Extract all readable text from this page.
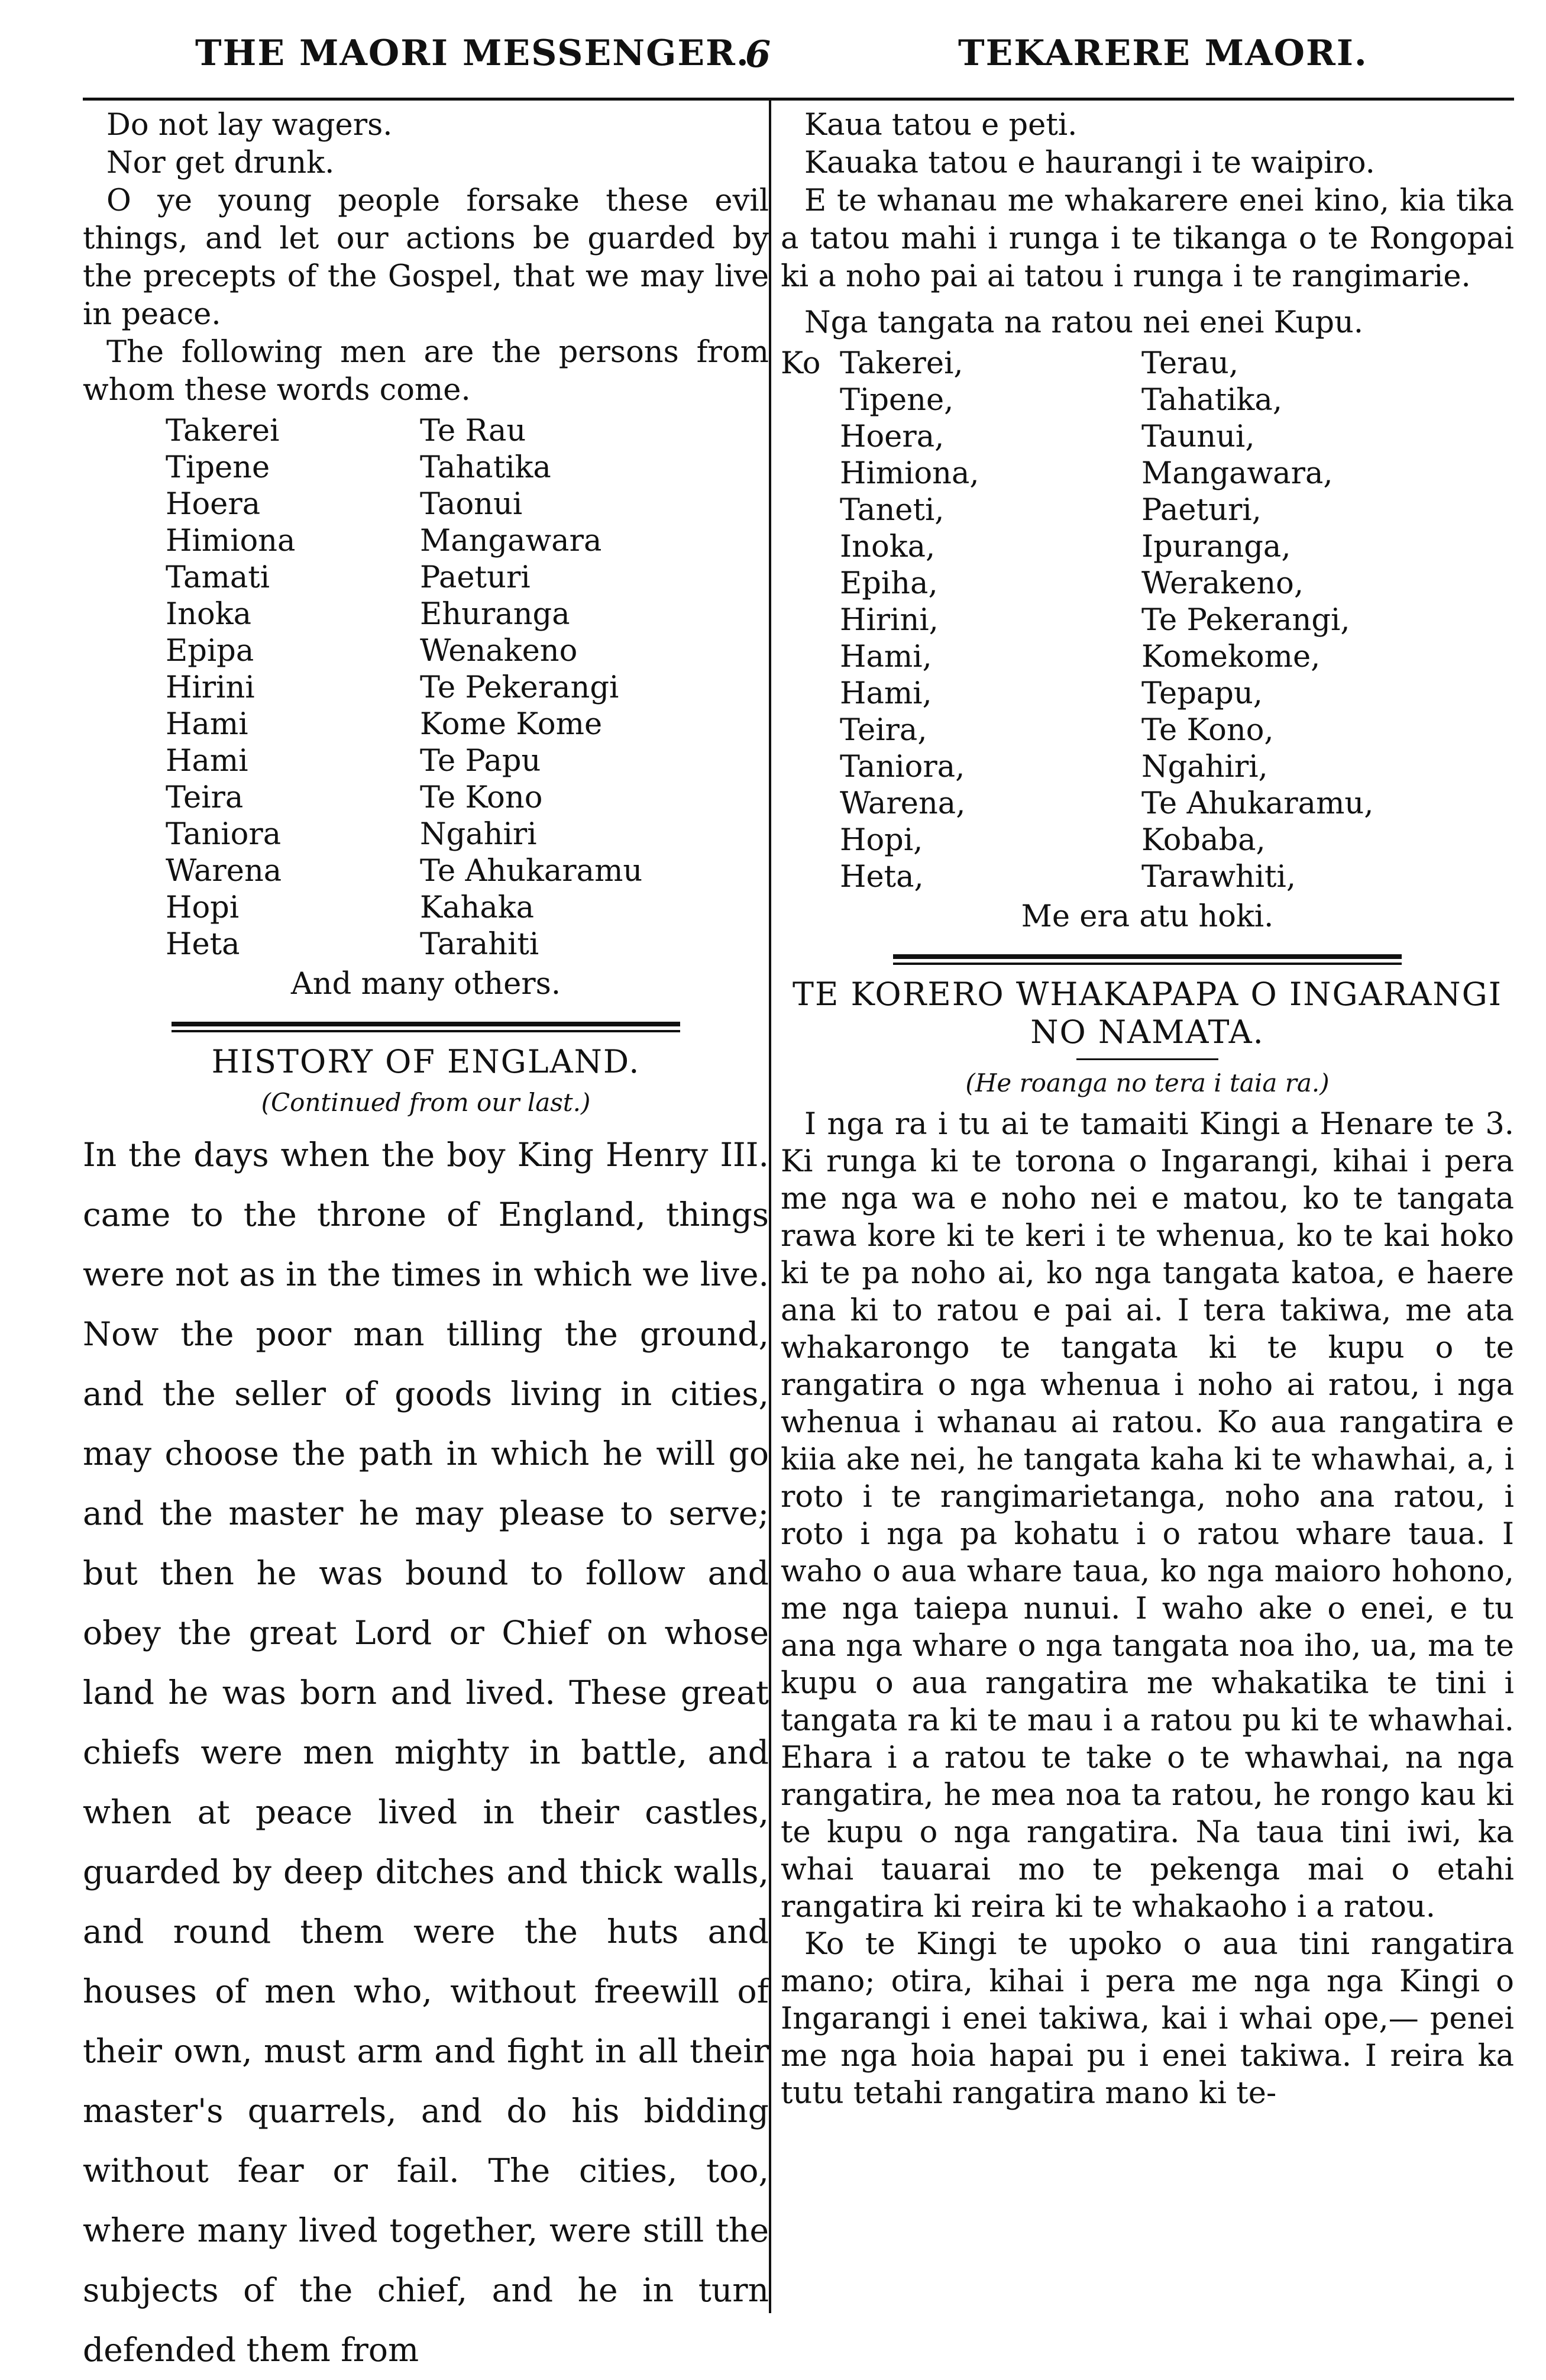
THE MAORI MESSENGER.
6	TEKARERE MAORI.

Do not lay wagers.

Nor get drunk.

O ye young people forsake these evil things, and let our actions be guarded by the precepts of the Gospel, that we may live in peace.

The following men are the persons from whom these words come.

Takerei	Te Rau
Tipene	Tahatika
Hoera	Taonui
Himiona	Mangawara
Tamati	Paeturi
Inoka	Ehuranga
Epipa	Wenakeno
Hirini	Te Pekerangi
Hami	Kome Kome
Hami	Te Papu
Teira	Te Kono
Taniora	Ngahiri
Warena	Te Ahukaramu
Hopi	Kahaka
Heta	Tarahiti
And many others.
HISTORY OF ENGLAND.
(Continued from our last.)

In the days when the boy King Henry III. came to the throne of England, things were not as in the times in which we live. Now the poor man tilling the ground, and the seller of goods living in cities, may choose the path in which he will go and the master he may please to serve; but then he was bound to follow and obey the great Lord or Chief on whose land he was born and lived. These great chiefs were men mighty in battle, and when at peace lived in their castles, guarded by deep ditches and thick walls, and round them were the huts and houses of men who, without freewill of their own, must arm and fight in all their master's quarrels, and do his bidding without fear or fail. The cities, too, where many lived together, were still the subjects of the chief, and he in turn defended them from

Kaua tatou e peti.

Kauaka tatou e haurangi i te waipiro.

E te whanau me whakarere enei kino, kia tika a tatou mahi i runga i te tikanga o te Rongopai ki a noho pai ai tatou i runga i te rangimarie.

Nga tangata na ratou nei enei Kupu.

Ko Takerei,	Terau,
Tipene,	Tahatika,
Hoera,	Taunui,
Himiona,	Mangawara,
Taneti,	Paeturi,
Inoka,	Ipuranga,
Epiha,	Werakeno,
Hirini,	Te Pekerangi,
Hami,	Komekome,
Hami,	Tepapu,
Teira,	Te Kono,
Taniora,	Ngahiri,
Warena,	Te Ahukaramu,
Hopi,	Kobaba,
Heta,	Tarawhiti,
Me era atu hoki.
TE KORERO WHAKAPAPA O INGARANGI NO NAMATA.
(He roanga no tera i taia ra.)

I nga ra i tu ai te tamaiti Kingi a Henare te 3. Ki runga ki te torona o Ingarangi, kihai i pera me nga wa e noho nei e matou, ko te tangata rawa kore ki te keri i te whenua, ko te kai hoko ki te pa noho ai, ko nga tangata katoa, e haere ana ki to ratou e pai ai. I tera takiwa, me ata whakarongo te tangata ki te kupu o te rangatira o nga whenua i noho ai ratou, i nga whenua i whanau ai ratou. Ko aua rangatira e kiia ake nei, he tangata kaha ki te whawhai, a, i roto i te rangimarietanga, noho ana ratou, i roto i nga pa kohatu i o ratou whare taua. I waho o aua whare taua, ko nga maioro hohono, me nga taiepa nunui. I waho ake o enei, e tu ana nga whare o nga tangata noa iho, ua, ma te kupu o aua rangatira me whakatika te tini i tangata ra ki te mau i a ratou pu ki te whawhai. Ehara i a ratou te take o te whawhai, na nga rangatira, he mea noa ta ratou, he rongo kau ki te kupu o nga rangatira. Na taua tini iwi, ka whai tauarai mo te pekenga mai o etahi rangatira ki reira ki te whakaoho i a ratou.

Ko te Kingi te upoko o aua tini rangatira mano; otira, kihai i pera me nga nga Kingi o Ingarangi i enei takiwa, kai i whai ope,— penei me nga hoia hapai pu i enei takiwa. I reira ka tutu tetahi rangatira mano ki te-
